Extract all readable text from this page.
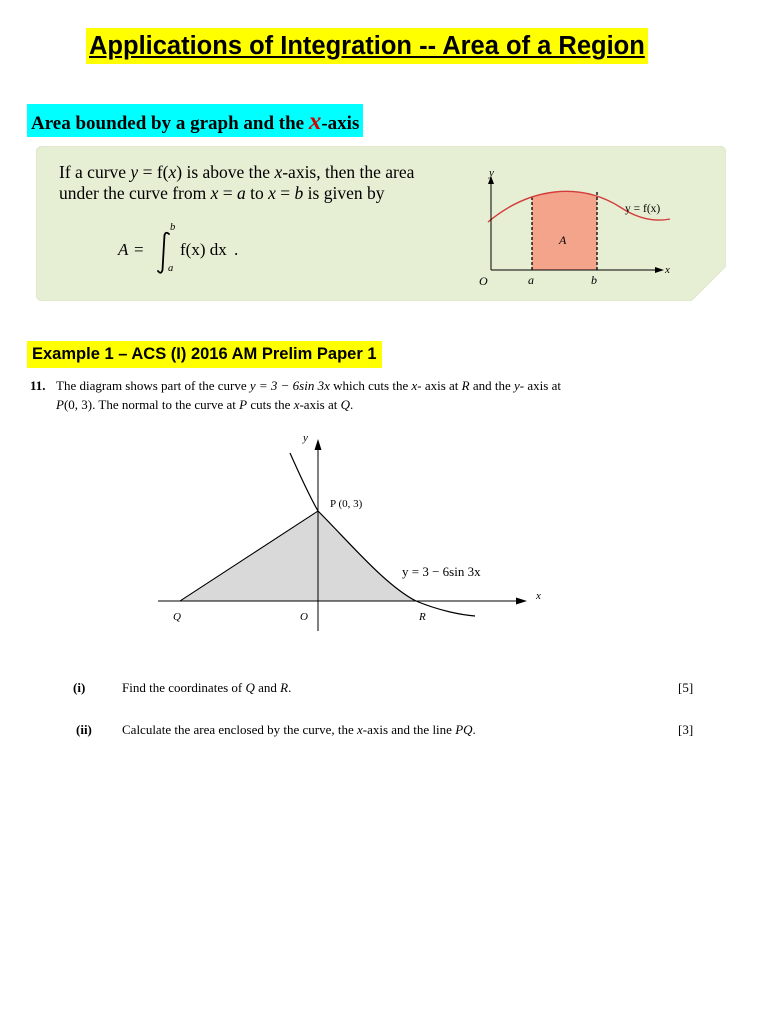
Applications of Integration -- Area of a Region
Area bounded by a graph and the x-axis
If a curve y = f(x) is above the x-axis, then the area
under the curve from x = a to x = b is given by
A =
b
a
f(x) dx .
y
x
O	a	b
A
y = f(x)
Example 1 – ACS (I) 2016 AM Prelim Paper 1
11. The diagram shows part of the curve y = 3 − 6sin 3x which cuts the x- axis at R and the y- axis at
P(0, 3). The normal to the curve at P cuts the x-axis at Q.
y
x
P (0, 3)
y = 3 − 6sin 3x
Q	O	R
(i)	Find the coordinates of Q and R.	[5]
(ii) Calculate the area enclosed by the curve, the x-axis and the line PQ.	[3]
